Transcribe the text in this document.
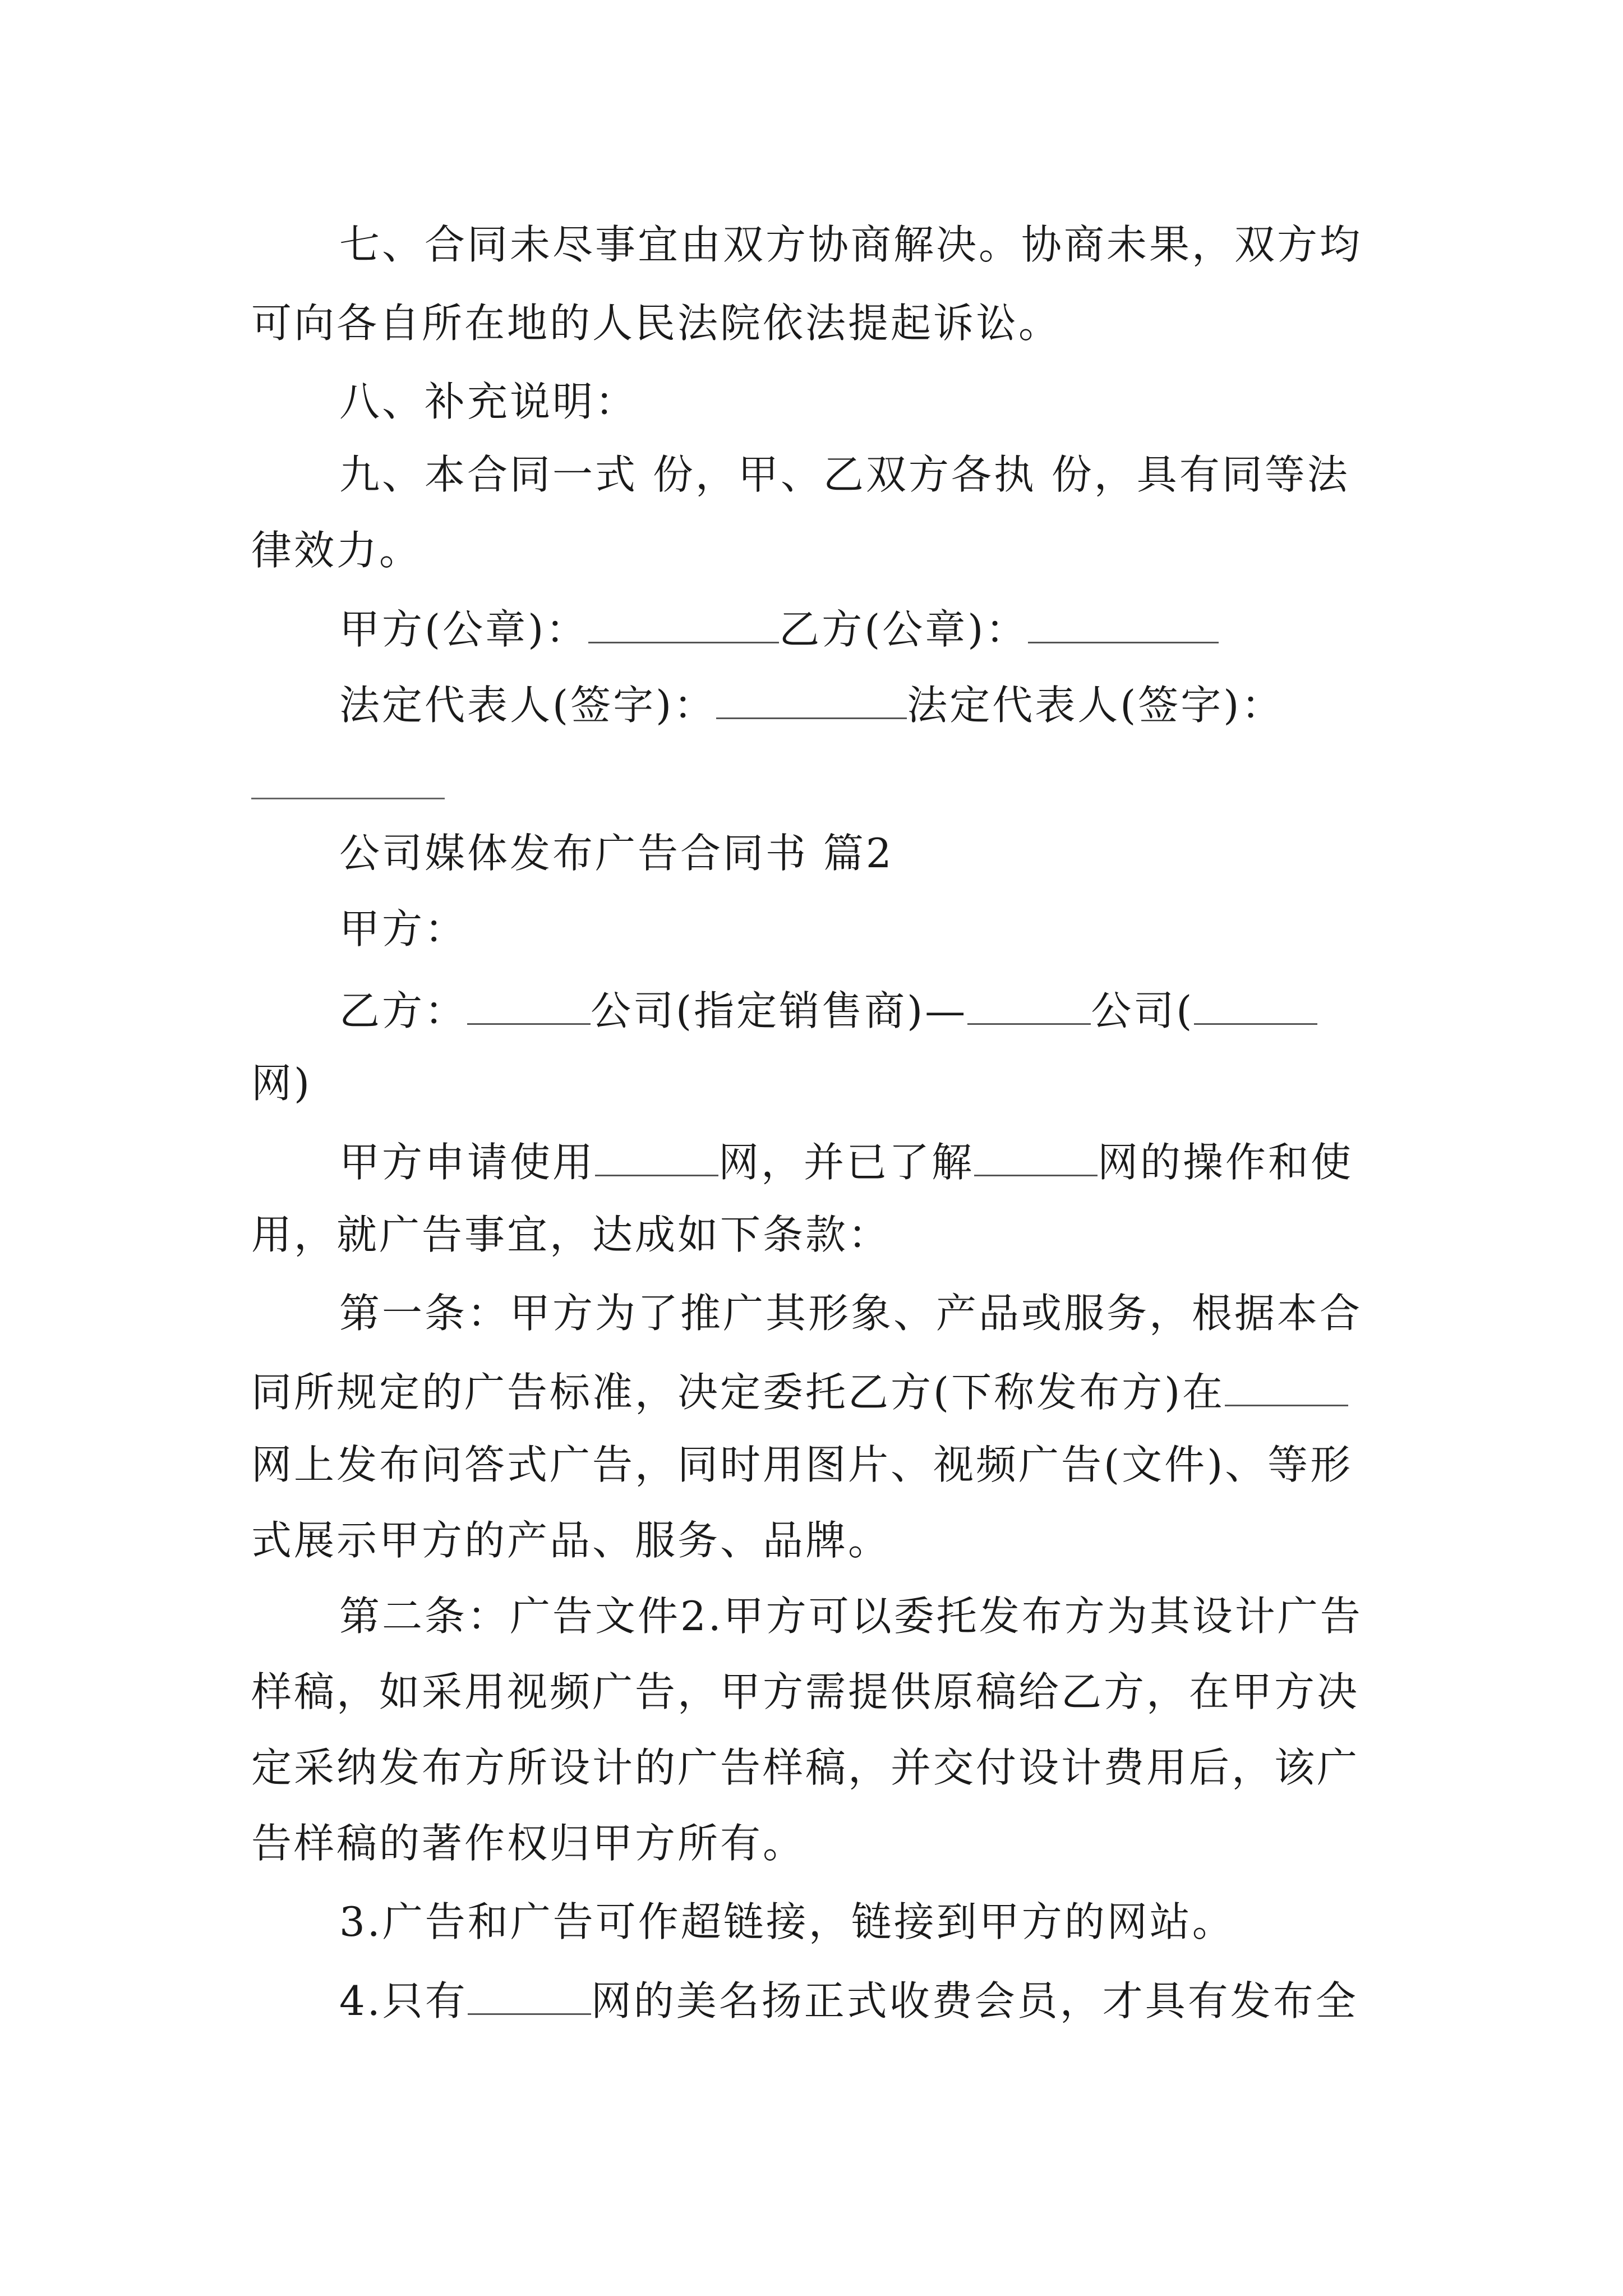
七、合同未尽事宜由双方协商解决。协商未果，双方均
可向各自所在地的人民法院依法提起诉讼。
八、补充说明：
九、本合同一式 份，甲、乙双方各执 份，具有同等法
律效力。
甲方(公章)：	乙方(公章)：
法定代表人(签字)：	法定代表人(签字)：
公司媒体发布广告合同书 篇2
甲方：
乙方：	公司(指定销售商)—	公司(
网)
甲方申请使用	网，并已了解	网的操作和使
用，就广告事宜，达成如下条款：
第一条：甲方为了推广其形象、产品或服务，根据本合
同所规定的广告标准，决定委托乙方(下称发布方)在
网上发布问答式广告，同时用图片、视频广告(文件)、等形
式展示甲方的产品、服务、品牌。
第二条：广告文件2.甲方可以委托发布方为其设计广告
样稿，如采用视频广告，甲方需提供原稿给乙方，在甲方决
定采纳发布方所设计的广告样稿，并交付设计费用后，该广
告样稿的著作权归甲方所有。
3.广告和广告可作超链接，链接到甲方的网站。
4.只有	网的美名扬正式收费会员，才具有发布全
